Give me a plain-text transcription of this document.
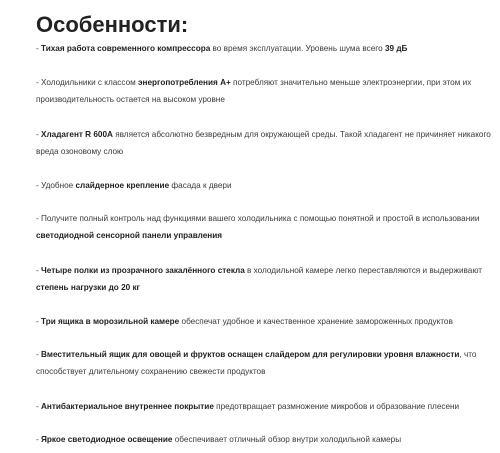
Особенности:

- Тихая работа современного компрессора во время эксплуатации. Уровень шума всего 39 дБ

- Холодильники с классом энергопотребления A+ потребляют значительно меньше электроэнергии, при этом их производительность остается на высоком уровне

- Хладагент R 600A является абсолютно безвредным для окружающей среды. Такой хладагент не причиняет никакого вреда озоновому слою

- Удобное слайдерное крепление фасада к двери

- Получите полный контроль над функциями вашего холодильника с помощью понятной и простой в использовании светодиодной сенсорной панели управления

- Четыре полки из прозрачного закалённого стекла в холодильной камере легко переставляются и выдерживают степень нагрузки до 20 кг

- Три ящика в морозильной камере обеспечат удобное и качественное хранение замороженных продуктов

- Вместительный ящик для овощей и фруктов оснащен слайдером для регулировки уровня влажности, что способствует длительному сохранению свежести продуктов

- Антибактериальное внутреннее покрытие предотвращает размножение микробов и образование плесени

- Яркое светодиодное освещение обеспечивает отличный обзор внутри холодильной камеры
